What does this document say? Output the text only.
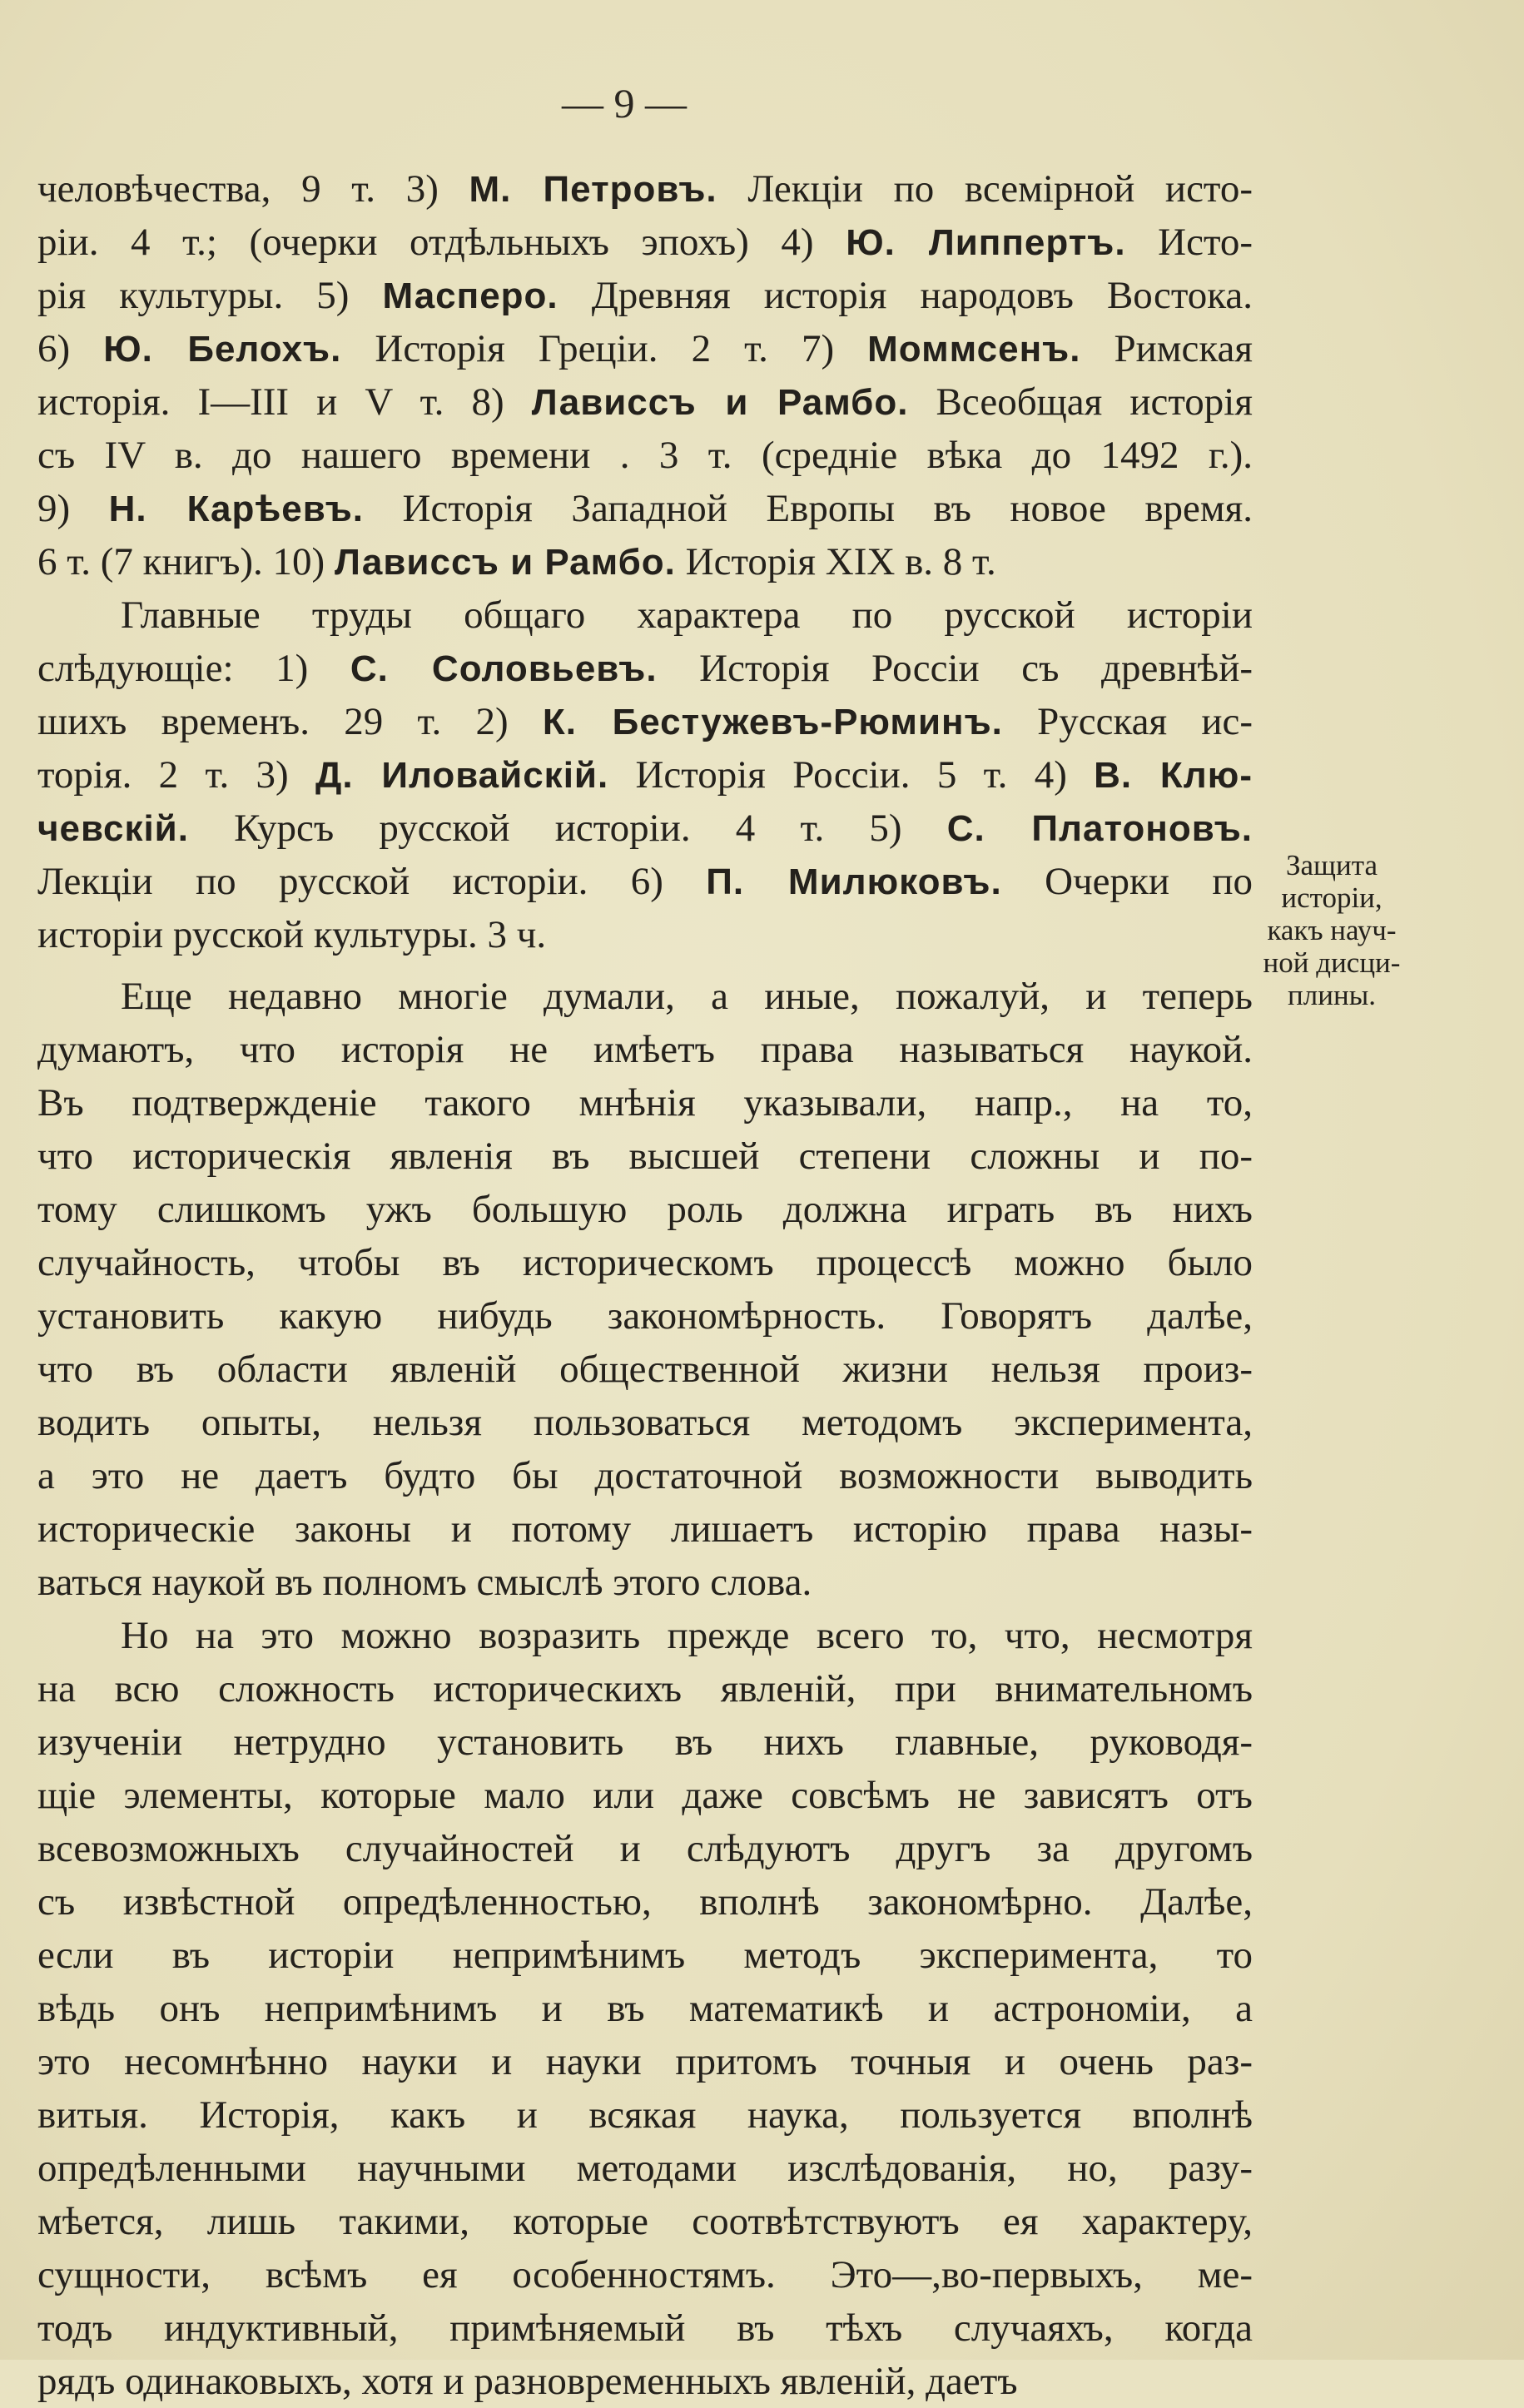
— 9 —
человѣчества, 9 т. 3) М. Петровъ. Лекціи по всемірной исто-
ріи. 4 т.; (очерки отдѣльныхъ эпохъ) 4) Ю. Липпертъ. Исто-
рія культуры. 5) Масперо. Древняя исторія народовъ Востока.
6) Ю. Белохъ. Исторія Греціи. 2 т. 7) Моммсенъ. Римская
исторія. I—III и V т. 8) Лависсъ и Рамбо. Всеобщая исторія
съ IV в. до нашего времени . 3 т. (средніе вѣка до 1492 г.).
9) Н. Карѣевъ. Исторія Западной Европы въ новое время.
6 т. (7 книгъ). 10) Лависсъ и Рамбо. Исторія XIX в. 8 т.
Главные труды общаго характера по русской исторіи
слѣдующіе: 1) С. Соловьевъ. Исторія Россіи съ древнѣй-
шихъ временъ. 29 т. 2) К. Бестужевъ-Рюминъ. Русская ис-
торія. 2 т. 3) Д. Иловайскій. Исторія Россіи. 5 т. 4) В. Клю-
чевскій. Курсъ русской исторіи. 4 т. 5) С. Платоновъ.
Лекціи по русской исторіи. 6) П. Милюковъ. Очерки по
исторіи русской культуры. 3 ч.
Еще недавно многіе думали, а иные, пожалуй, и теперь
думаютъ, что исторія не имѣетъ права называться наукой.
Въ подтвержденіе такого мнѣнія указывали, напр., на то,
что историческія явленія въ высшей степени сложны и по-
тому слишкомъ ужъ большую роль должна играть въ нихъ
случайность, чтобы въ историческомъ процессѣ можно было
установить какую нибудь закономѣрность. Говорятъ далѣе,
что въ области явленій общественной жизни нельзя произ-
водить опыты, нельзя пользоваться методомъ эксперимента,
а это не даетъ будто бы достаточной возможности выводить
историческіе законы и потому лишаетъ исторію права назы-
ваться наукой въ полномъ смыслѣ этого слова.
Но на это можно возразить прежде всего то, что, несмотря
на всю сложность историческихъ явленій, при внимательномъ
изученіи нетрудно установить въ нихъ главные, руководя-
щіе элементы, которые мало или даже совсѣмъ не зависятъ отъ
всевозможныхъ случайностей и слѣдуютъ другъ за другомъ
съ извѣстной опредѣленностью, вполнѣ закономѣрно. Далѣе,
если въ исторіи непримѣнимъ методъ эксперимента, то
вѣдь онъ непримѣнимъ и въ математикѣ и астрономіи, а
это несомнѣнно науки и науки притомъ точныя и очень раз-
витыя. Исторія, какъ и всякая наука, пользуется вполнѣ
опредѣленными научными методами изслѣдованія, но, разу-
мѣется, лишь такими, которые соотвѣтствуютъ ея характеру,
сущности, всѣмъ ея особенностямъ. Это—,во-первыхъ, ме-
тодъ индуктивный, примѣняемый въ тѣхъ случаяхъ, когда
рядъ одинаковыхъ, хотя и разновременныхъ явленій, даетъ
Защита
исторіи,
какъ науч-
ной дисци-
плины.
